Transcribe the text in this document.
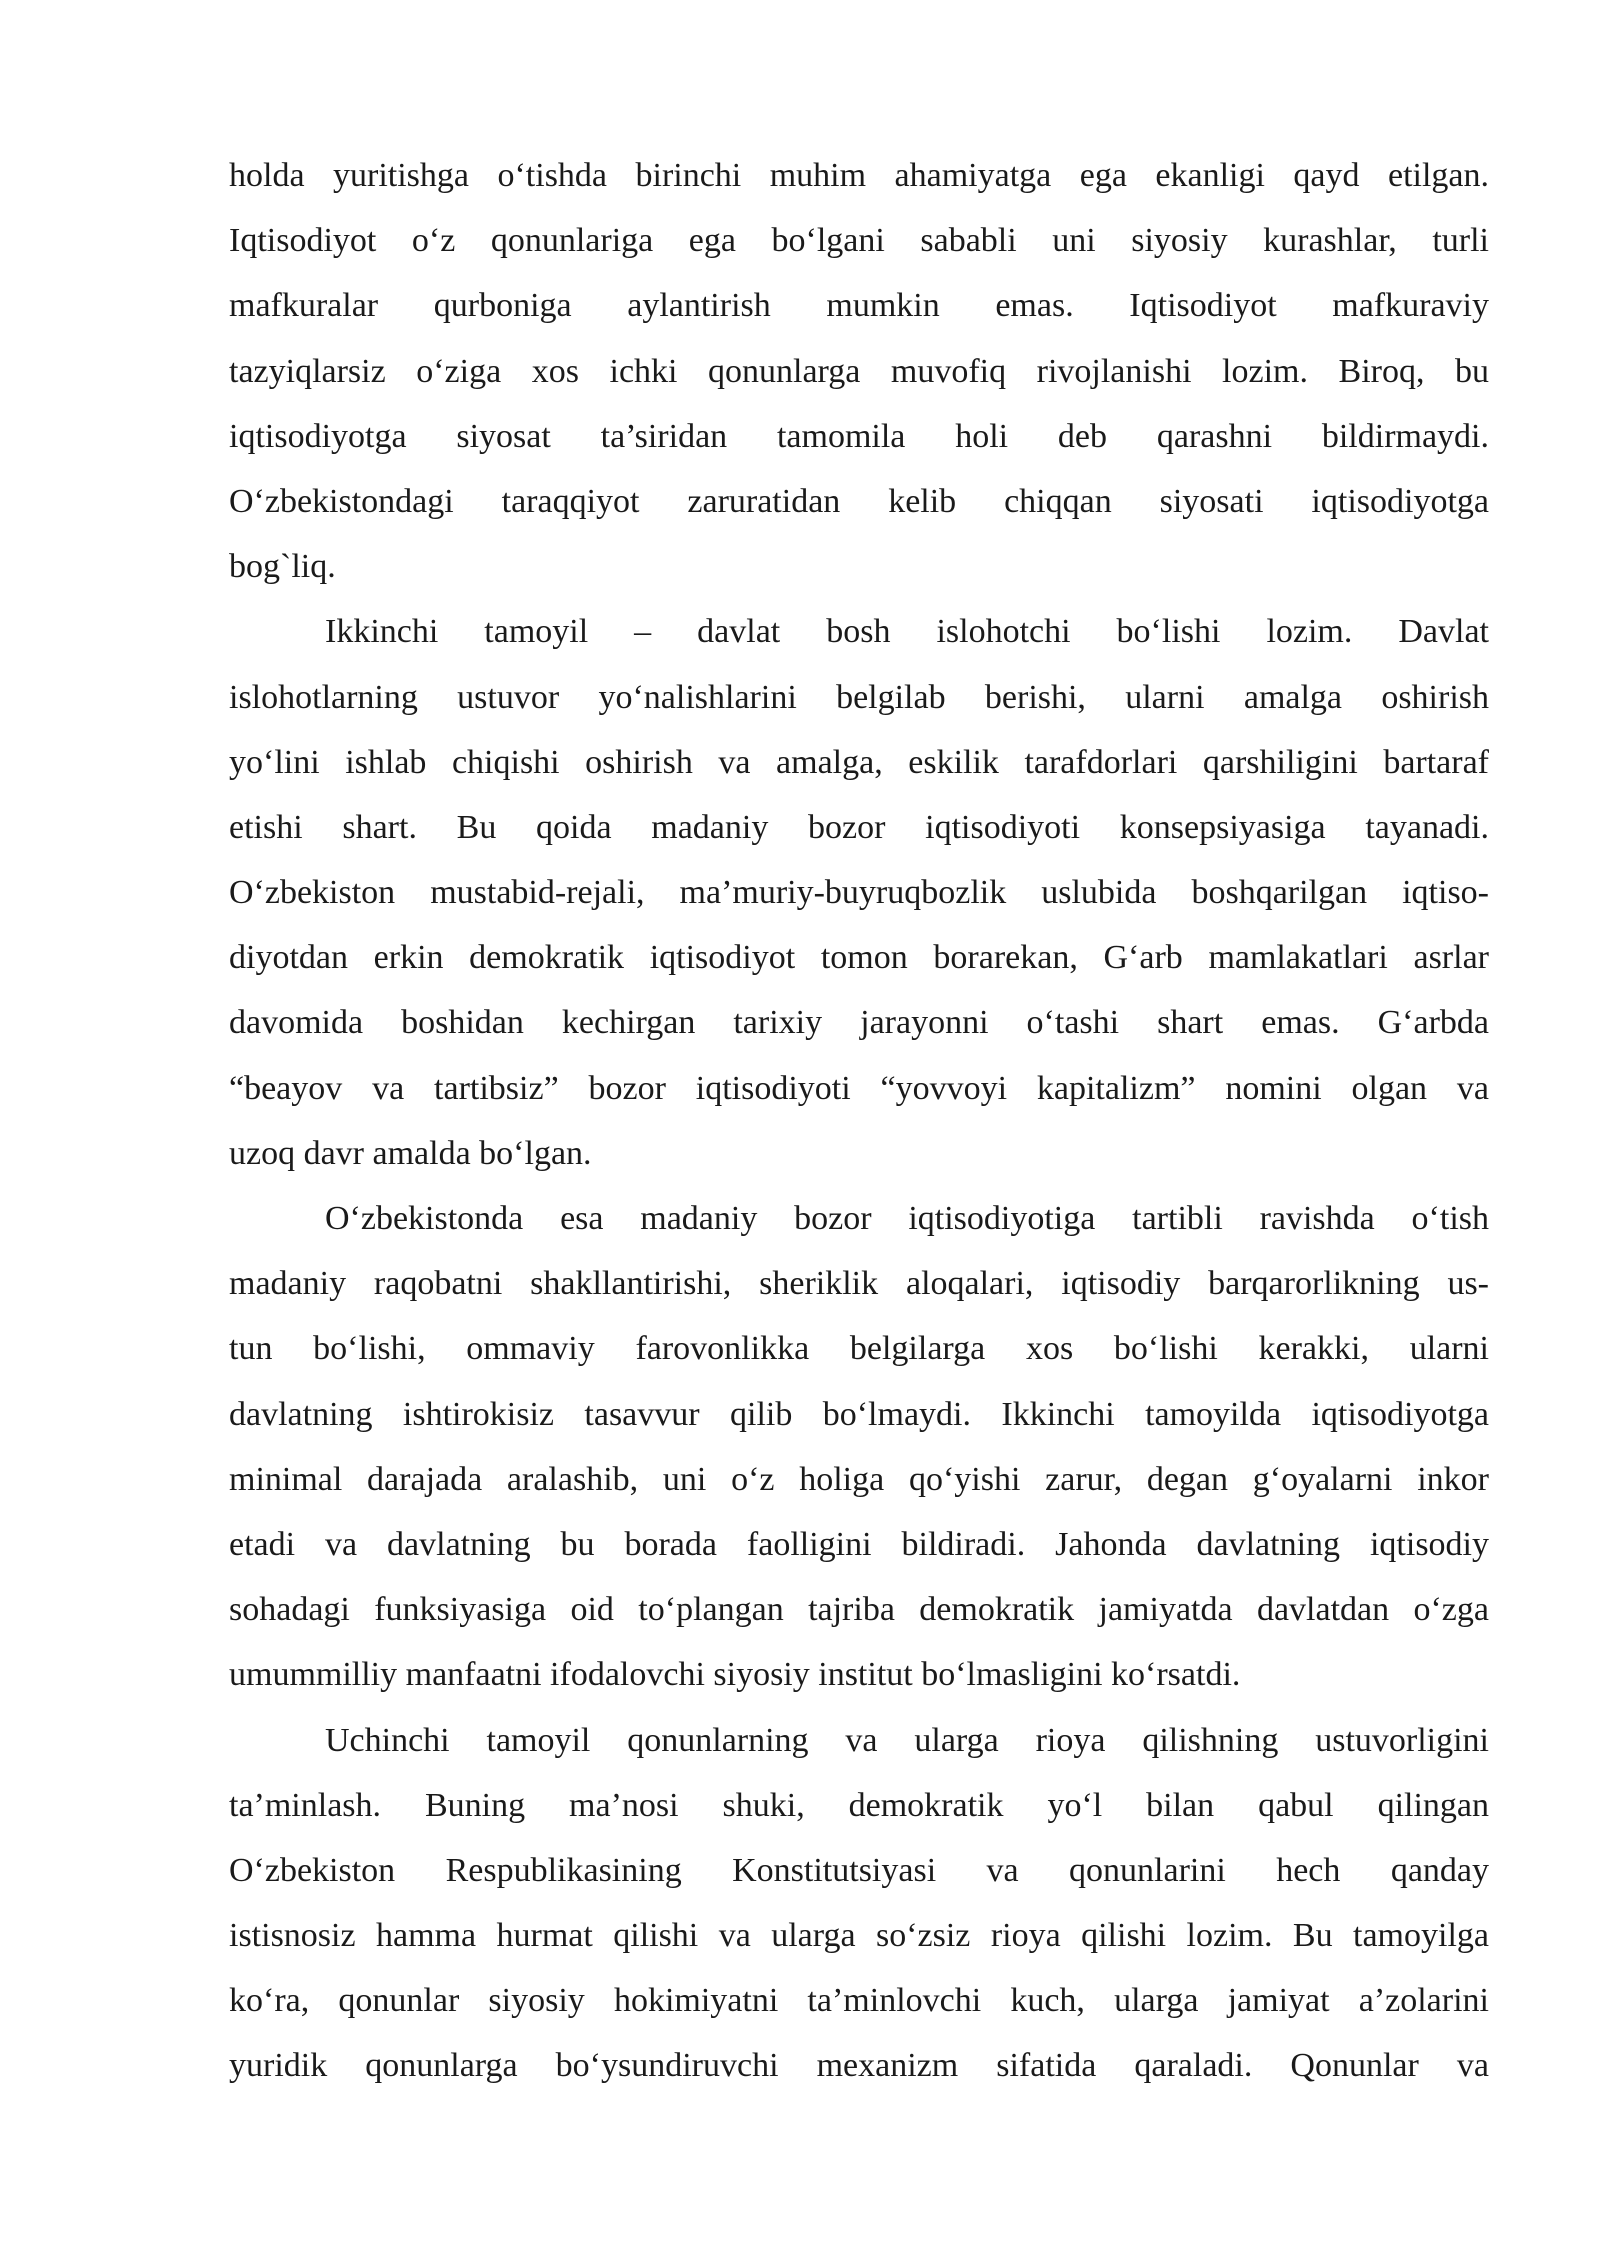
holda yuritishga o‘tishda birinchi muhim ahamiyatga ega ekanligi qayd etilgan.
Iqtisodiyot o‘z qonunlariga ega bo‘lgani sababli uni siyosiy kurashlar, turli
mafkuralar qurboniga aylantirish mumkin emas. Iqtisodiyot mafkuraviy
tazyiqlarsiz o‘ziga xos ichki qonunlarga muvofiq rivojlanishi lozim. Biroq, bu
iqtisodiyotga siyosat ta’siridan tamomila holi deb qarashni bildirmaydi.
O‘zbekistondagi taraqqiyot zaruratidan kelib chiqqan siyosati iqtisodiyotga
bog`liq.
Ikkinchi tamoyil – davlat bosh islohotchi bo‘lishi lozim. Davlat
islohotlarning ustuvor yo‘nalishlarini belgilab berishi, ularni amalga oshirish
yo‘lini ishlab chiqishi oshirish va amalga, eskilik tarafdorlari qarshiligini bartaraf
etishi shart. Bu qoida madaniy bozor iqtisodiyoti konsepsiyasiga tayanadi.
O‘zbekiston mustabid-rejali, ma’muriy-buyruqbozlik uslubida boshqarilgan iqtiso-
diyotdan erkin demokratik iqtisodiyot tomon borarekan, G‘arb mamlakatlari asrlar
davomida boshidan kechirgan tarixiy jarayonni o‘tashi shart emas. G‘arbda
“beayov va tartibsiz” bozor iqtisodiyoti “yovvoyi kapitalizm” nomini olgan va
uzoq davr amalda bo‘lgan.
O‘zbekistonda esa madaniy bozor iqtisodiyotiga tartibli ravishda o‘tish
madaniy raqobatni shakllantirishi, sheriklik aloqalari, iqtisodiy barqarorlikning us-
tun bo‘lishi, ommaviy farovonlikka belgilarga xos bo‘lishi kerakki, ularni
davlatning ishtirokisiz tasavvur qilib bo‘lmaydi. Ikkinchi tamoyilda iqtisodiyotga
minimal darajada aralashib, uni o‘z holiga qo‘yishi zarur, degan g‘oyalarni inkor
etadi va davlatning bu borada faolligini bildiradi. Jahonda davlatning iqtisodiy
sohadagi funksiyasiga oid to‘plangan tajriba demokratik jamiyatda davlatdan o‘zga
umummilliy manfaatni ifodalovchi siyosiy institut bo‘lmasligini ko‘rsatdi.
Uchinchi tamoyil qonunlarning va ularga rioya qilishning ustuvorligini
ta’minlash. Buning ma’nosi shuki, demokratik yo‘l bilan qabul qilingan
O‘zbekiston Respublikasining Konstitutsiyasi va qonunlarini hech qanday
istisnosiz hamma hurmat qilishi va ularga so‘zsiz rioya qilishi lozim. Bu tamoyilga
ko‘ra, qonunlar siyosiy hokimiyatni ta’minlovchi kuch, ularga jamiyat a’zolarini
yuridik qonunlarga bo‘ysundiruvchi mexanizm sifatida qaraladi. Qonunlar va
